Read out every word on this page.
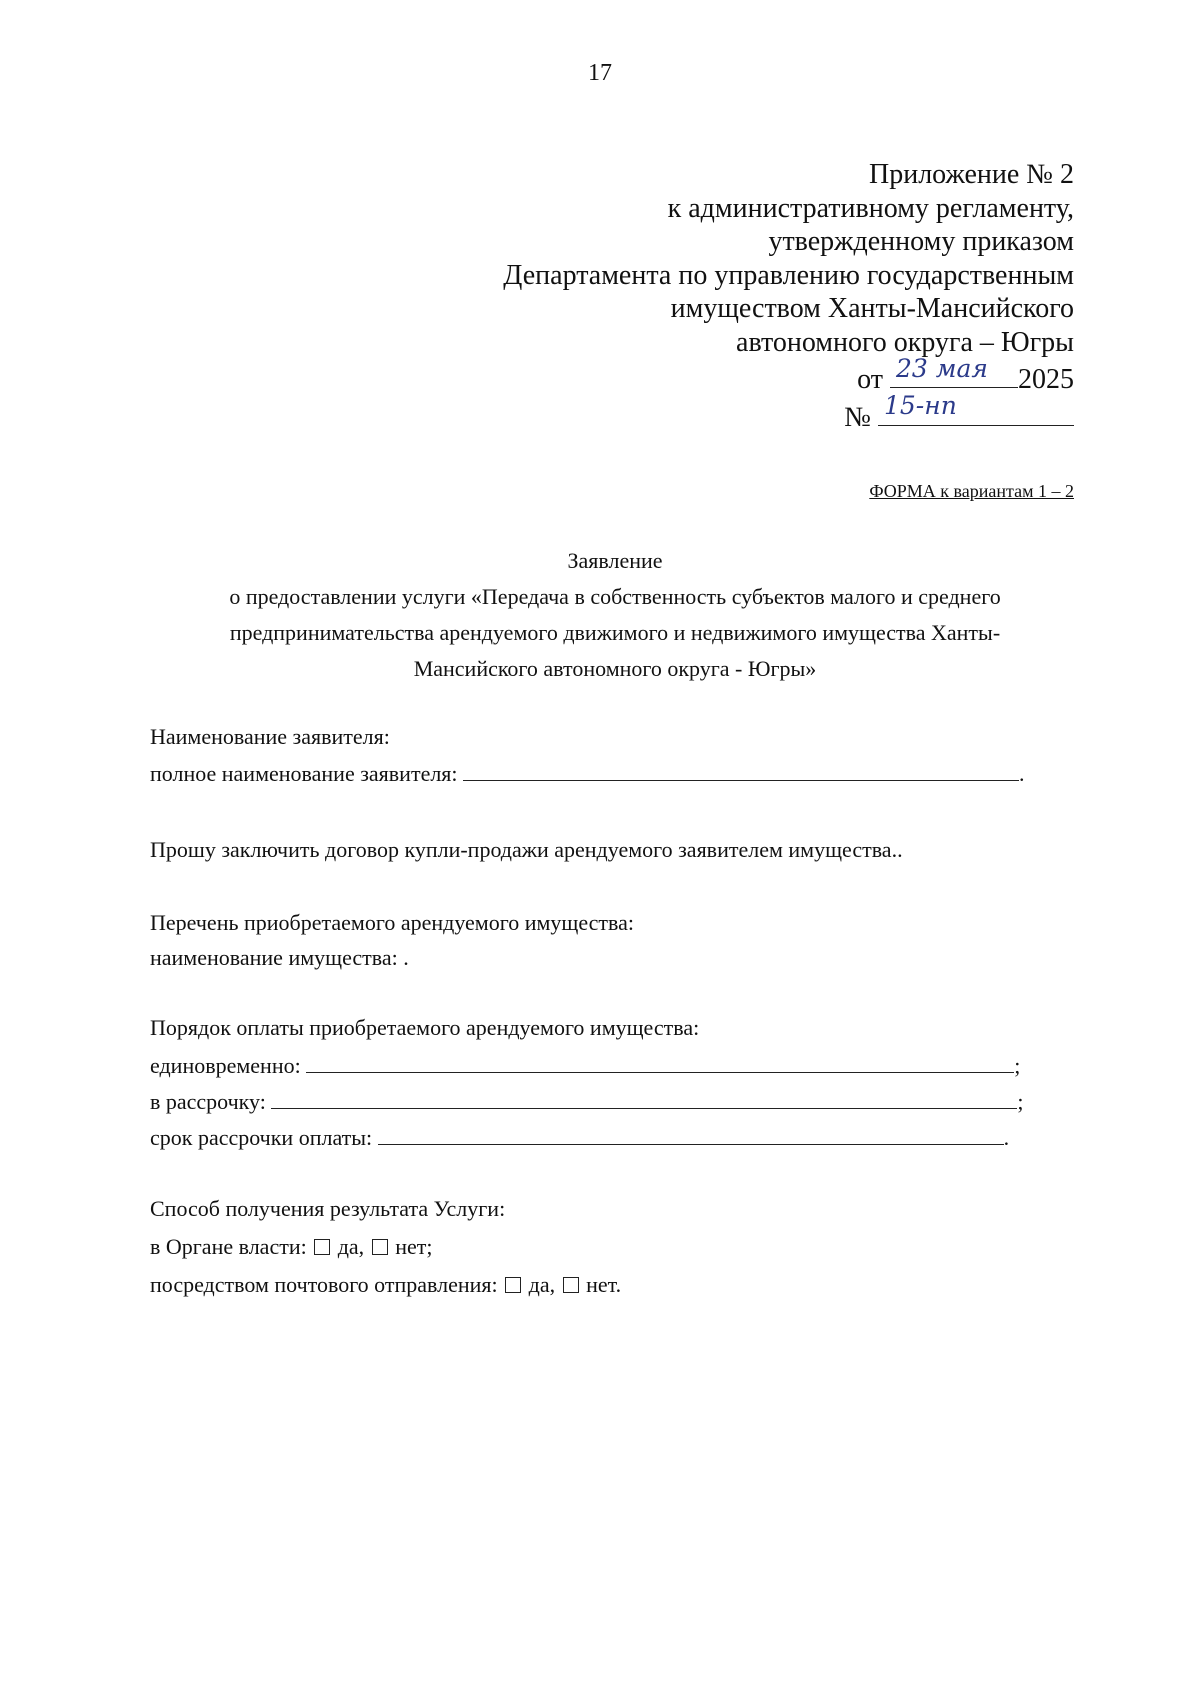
17
Приложение № 2
к административному регламенту,
утвержденному приказом
Департамента по управлению государственным
имуществом Ханты-Мансийского
автономного округа – Югры
от 23 мая 2025
№ 15-нп
ФОРМА к вариантам 1 – 2
Заявление
о предоставлении услуги «Передача в собственность субъектов малого и среднего
предпринимательства арендуемого движимого и недвижимого имущества Ханты-
Мансийского автономного округа - Югры»
Наименование заявителя:
полное наименование заявителя:	.
Прошу заключить договор купли-продажи арендуемого заявителем имущества..
Перечень приобретаемого арендуемого имущества:
наименование имущества: .
Порядок оплаты приобретаемого арендуемого имущества:
единовременно:	;
в рассрочку:	;
срок рассрочки оплаты:	.
Способ получения результата Услуги:
в Органе власти: да, нет;
посредством почтового отправления: да, нет.
